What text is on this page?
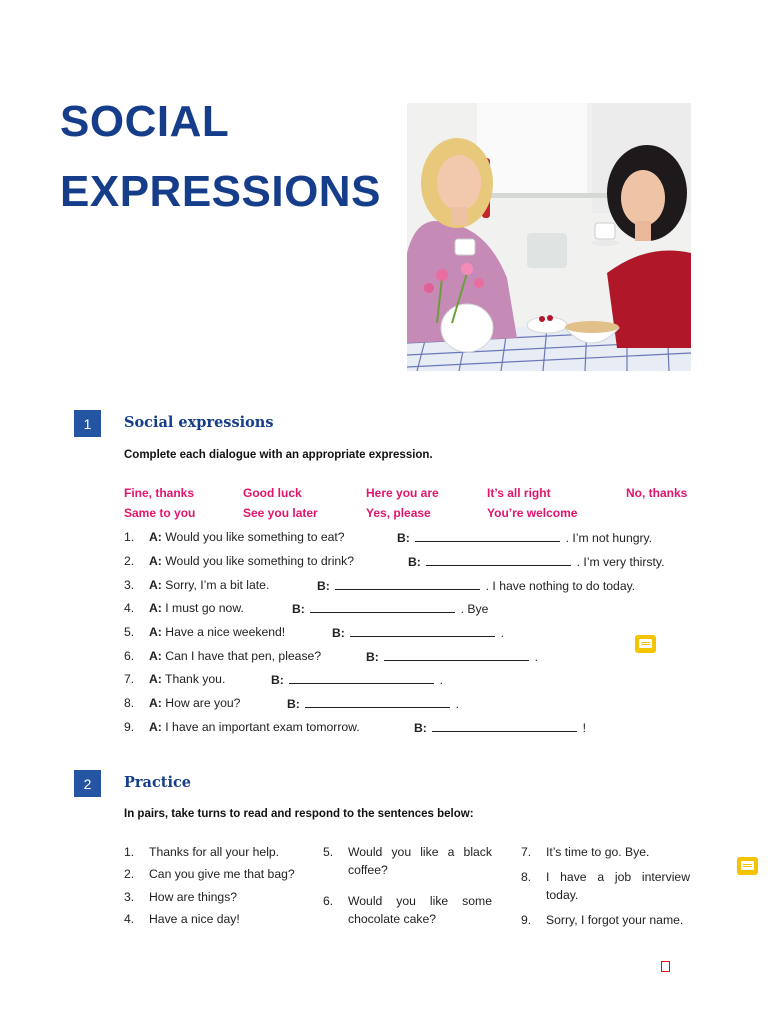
SOCIAL
EXPRESSIONS
1	Social expressions
Complete each dialogue with an appropriate expression.
Fine, thanks	Good luck	Here you are	It’s all right	No, thanks
Same to you	See you later	Yes, please	You’re welcome
1. A: Would you like something to eat?	B:	. I’m not hungry.
2. A: Would you like something to drink?	B:	. I’m very thirsty.
3. A: Sorry, I’m a bit late.	B:	. I have nothing to do today.
4. A: I must go now.	B:	. Bye
5. A: Have a nice weekend!	B:	.
6. A: Can I have that pen, please?	B:	.
7. A: Thank you.	B:	.
8. A: How are you?	B:	.
9. A: I have an important exam tomorrow.	B:	!
2	Practice
In pairs, take turns to read and respond to the sentences below:
1. Thanks for all your help.
2. Can you give me that bag?
3. How are things?
4. Have a nice day!
5. Would you like a black coffee?
6. Would you like some chocolate cake?
7. It’s time to go. Bye.
8. I have a job interview today.
9. Sorry, I forgot your name.
